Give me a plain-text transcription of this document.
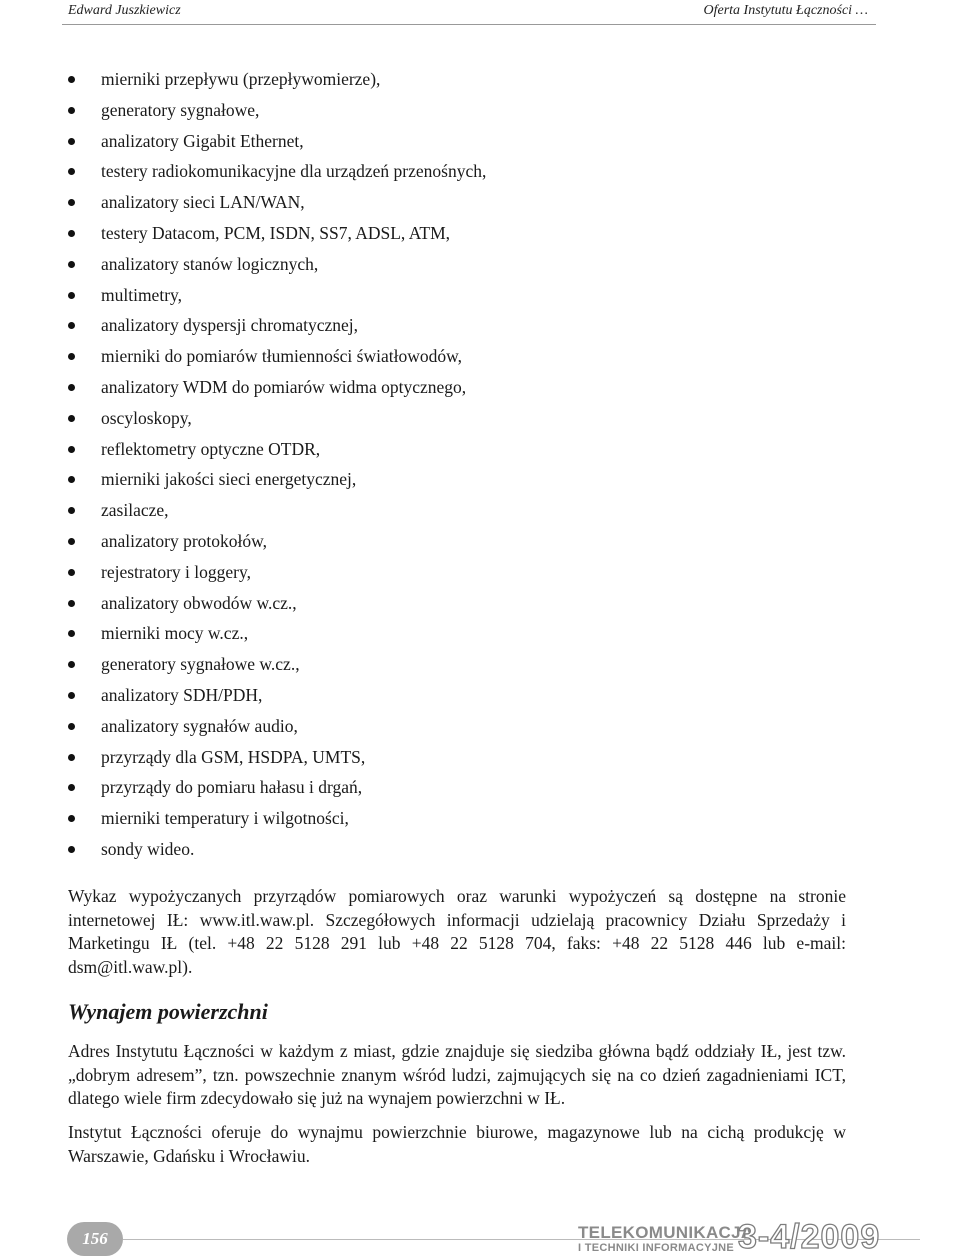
Edward Juszkiewicz	Oferta Instytutu Łączności …
mierniki przepływu (przepływomierze),
generatory sygnałowe,
analizatory Gigabit Ethernet,
testery radiokomunikacyjne dla urządzeń przenośnych,
analizatory sieci LAN/WAN,
testery Datacom, PCM, ISDN, SS7, ADSL, ATM,
analizatory stanów logicznych,
multimetry,
analizatory dyspersji chromatycznej,
mierniki do pomiarów tłumienności światłowodów,
analizatory WDM do pomiarów widma optycznego,
oscyloskopy,
reflektometry optyczne OTDR,
mierniki jakości sieci energetycznej,
zasilacze,
analizatory protokołów,
rejestratory i loggery,
analizatory obwodów w.cz.,
mierniki mocy w.cz.,
generatory sygnałowe w.cz.,
analizatory SDH/PDH,
analizatory sygnałów audio,
przyrządy dla GSM, HSDPA, UMTS,
przyrządy do pomiaru hałasu i drgań,
mierniki temperatury i wilgotności,
sondy wideo.

Wykaz wypożyczanych przyrządów pomiarowych oraz warunki wypożyczeń są dostępne na stronie internetowej IŁ: www.itl.waw.pl. Szczegółowych informacji udzielają pracownicy Działu Sprzedaży i Marketingu IŁ (tel. +48 22 5128 291 lub +48 22 5128 704, faks: +48 22 5128 446 lub e-mail: dsm@itl.waw.pl).

Wynajem powierzchni

Adres Instytutu Łączności w każdym z miast, gdzie znajduje się siedziba główna bądź oddziały IŁ, jest tzw. „dobrym adresem”, tzn. powszechnie znanym wśród ludzi, zajmujących się na co dzień zagadnieniami ICT, dlatego wiele firm zdecydowało się już na wynajem powierzchni w IŁ.

Instytut Łączności oferuje do wynajmu powierzchnie biurowe, magazynowe lub na cichą produkcję w Warszawie, Gdańsku i Wrocławiu.

156	TELEKOMUNIKACJA
I TECHNIKI INFORMACYJNE 3-4/2009
